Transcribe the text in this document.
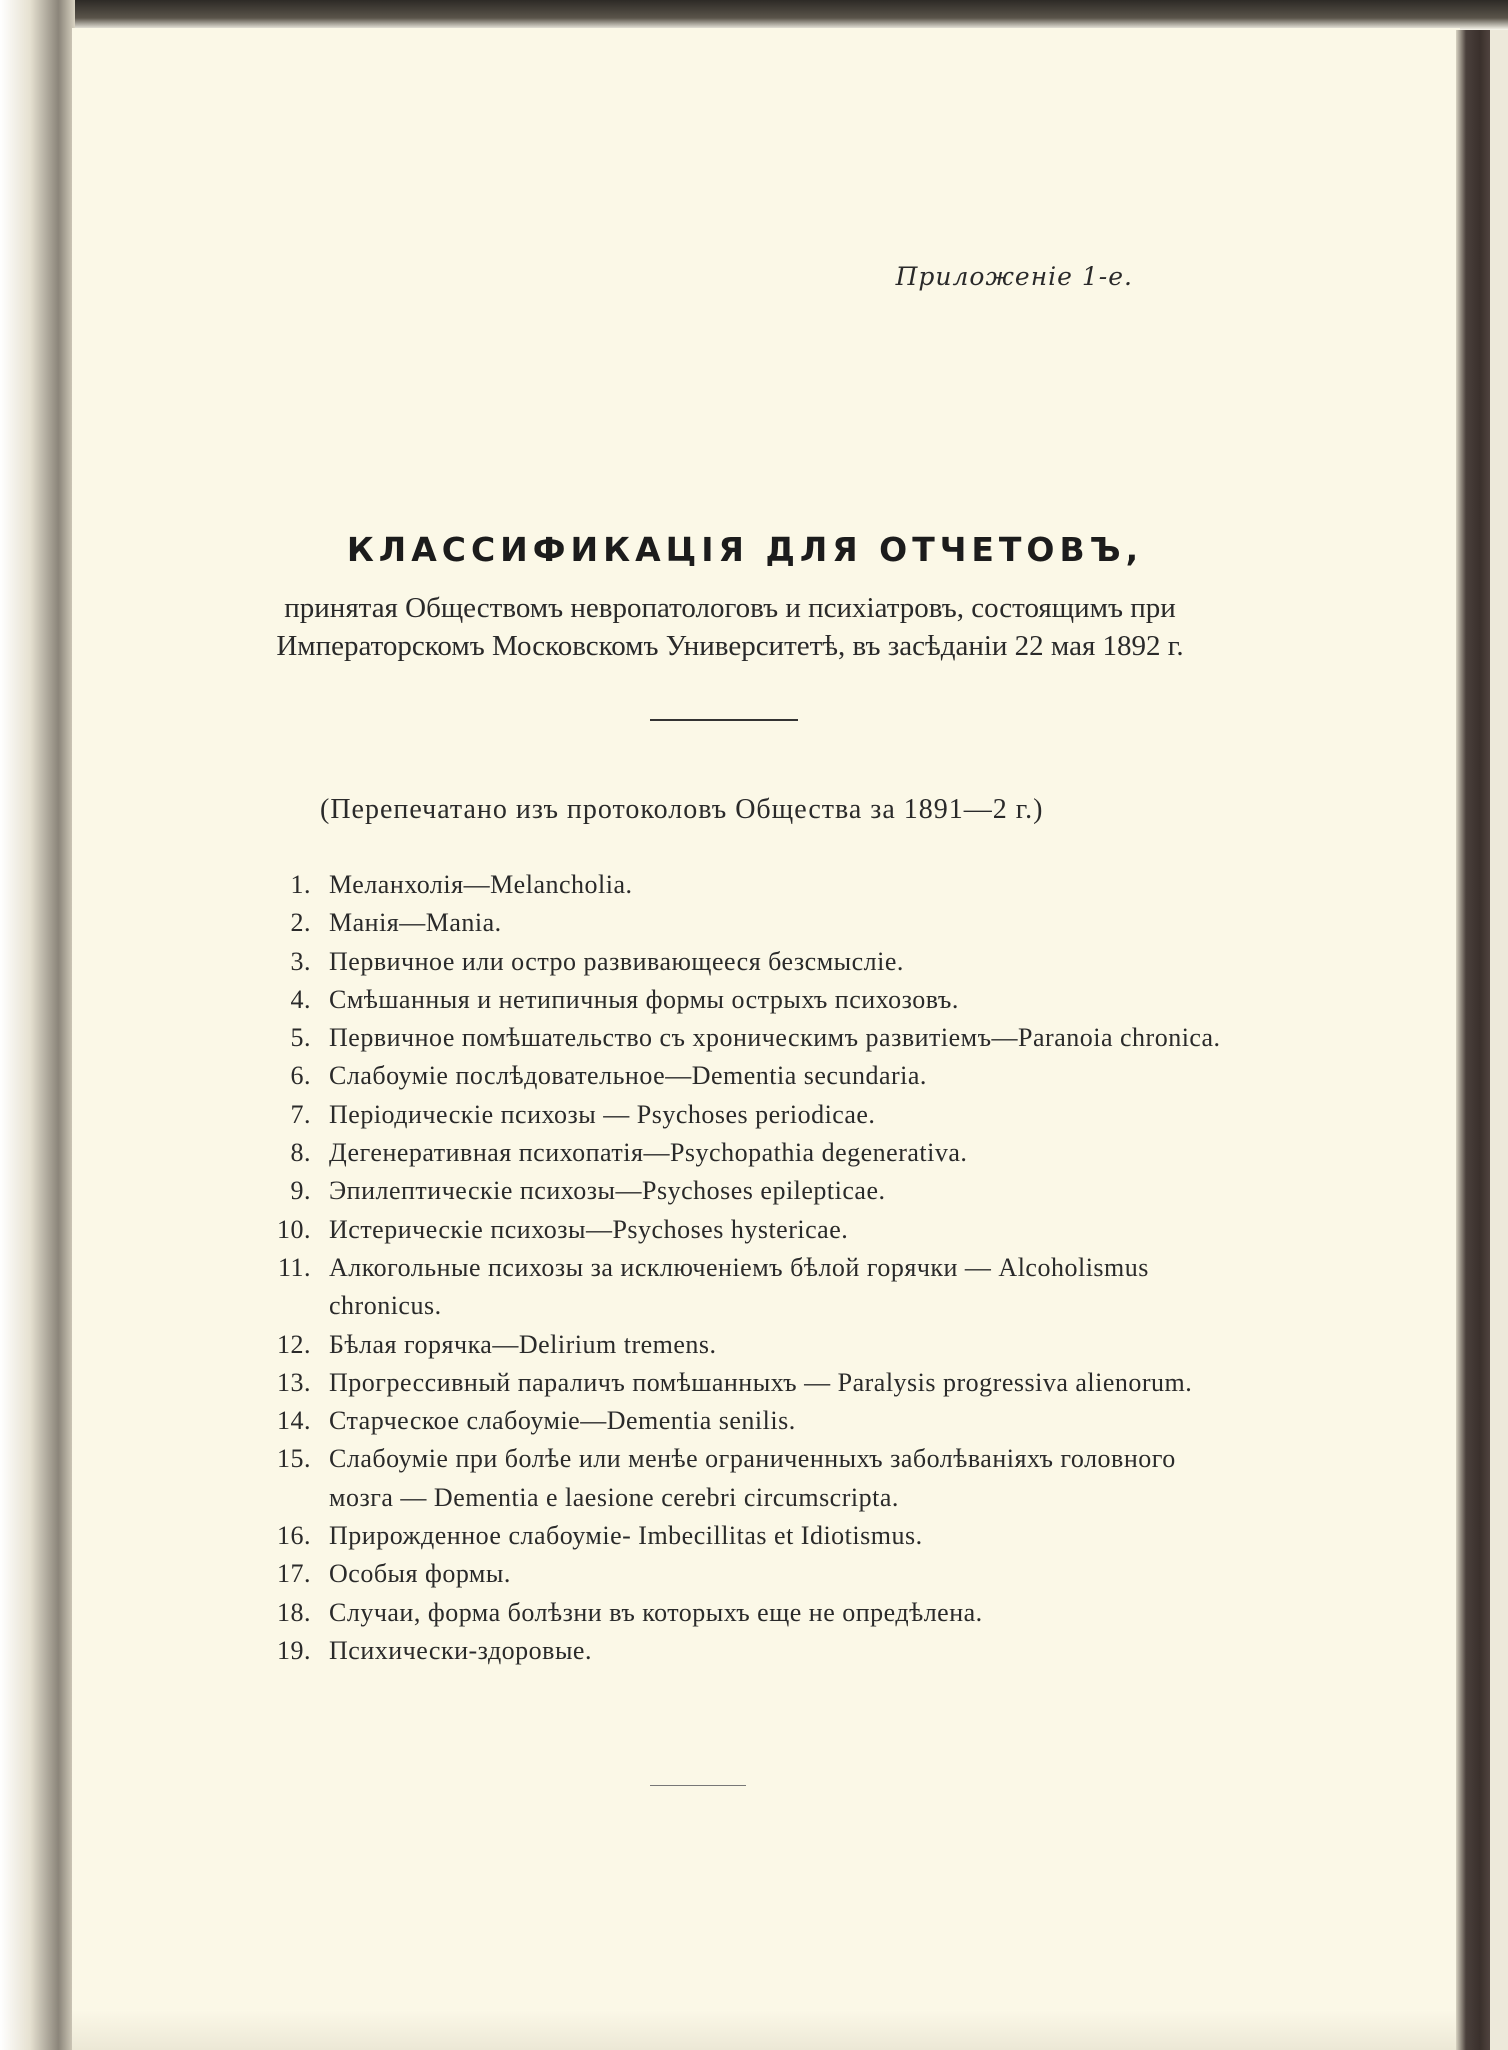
Приложеніе 1-е.
КЛАССИФИКАЦІЯ ДЛЯ ОТЧЕТОВЪ,
принятая Обществомъ невропатологовъ и психіатровъ, состоящимъ при
Императорскомъ Московскомъ Университетѣ, въ засѣданіи 22 мая 1892 г.
(Перепечатано изъ протоколовъ Общества за 1891—2 г.)
1. Меланхолія—Melancholia.
2. Манія—Mania.
3. Первичное или остро развивающееся безсмысліе.
4. Смѣшанныя и нетипичныя формы острыхъ психозовъ.
5. Первичное помѣшательство съ хроническимъ развитіемъ—Paranoia chronica.
6. Слабоуміе послѣдовательное—Dementia secundaria.
7. Періодическіе психозы — Psychoses periodicae.
8. Дегенеративная психопатія—Psychopathia degenerativa.
9. Эпилептическіе психозы—Psychoses epilepticae.
10. Истерическіе психозы—Psychoses hystericae.
11. Алкогольные психозы за исключеніемъ бѣлой горячки — Alcoholismus chronicus.
12. Бѣлая горячка—Delirium tremens.
13. Прогрессивный параличъ помѣшанныхъ — Paralysis progressiva alienorum.
14. Старческое слабоуміе—Dementia senilis.
15. Слабоуміе при болѣе или менѣе ограниченныхъ заболѣваніяхъ головного мозга — Dementia e laesione cerebri circumscripta.
16. Прирожденное слабоуміе- Imbecillitas et Idiotismus.
17. Особыя формы.
18. Случаи, форма болѣзни въ которыхъ еще не опредѣлена.
19. Психически-здоровые.
